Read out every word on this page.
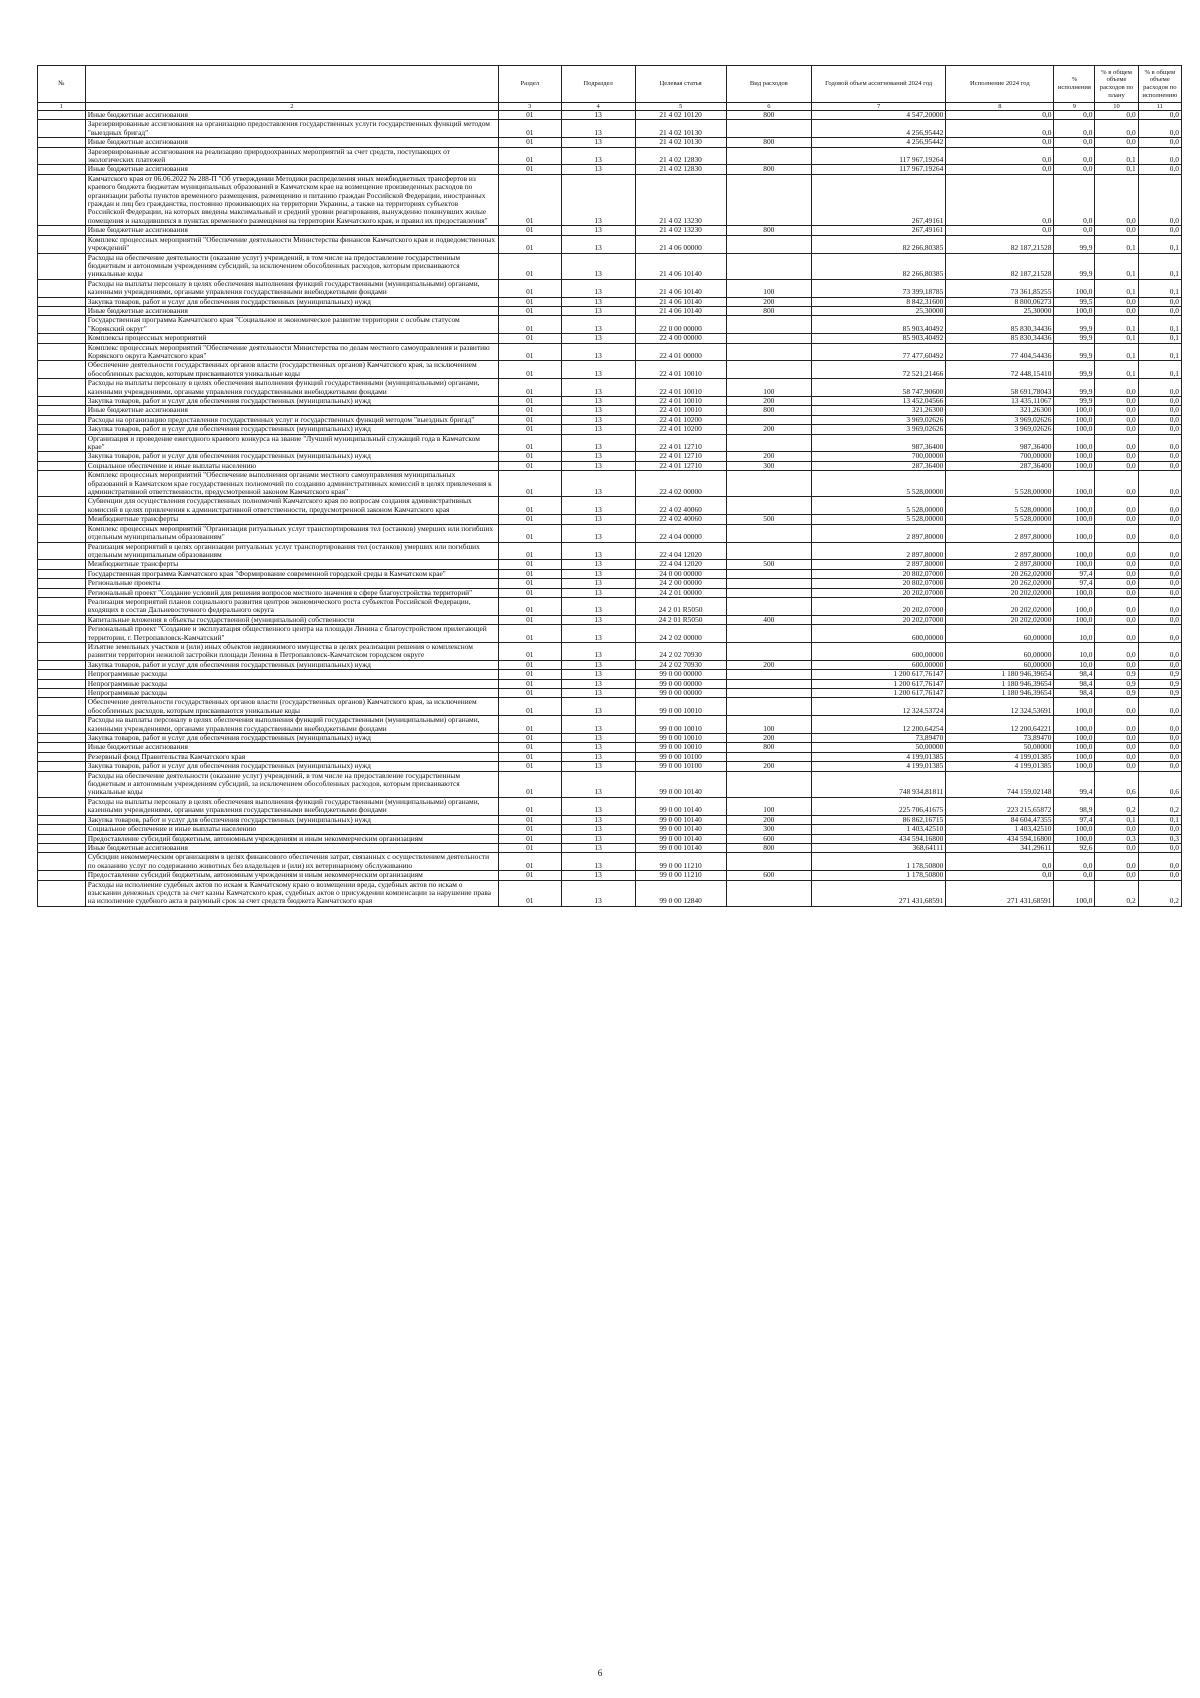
№		Раздел	Подраздел	Целевая статья	Вид расходов	Годовой объем ассигнований 2024 год	Исполнение 2024 год	% исполнения	% в общем объеме расходов по плану	% в общем объеме расходов по исполнению
1	2	3	4	5	6	7	8	9	10	11
	Иные бюджетные ассигнования	01	13	21 4 02 10120	800	4 547,20000	0,0	0,0	0,0	0,0
	Зарезервированные ассигнования на организацию предоставления государственных услуги государственных функций методом "выездных бригад"	01	13	21 4 02 10130		4 256,95442	0,0	0,0	0,0	0,0
	Иные бюджетные ассигнования	01	13	21 4 02 10130	800	4 256,95442	0,0	0,0	0,0	0,0
	Зарезервированные ассигнования на реализацию природоохранных мероприятий за счет средств, поступающих от экологических платежей	01	13	21 4 02 12830		117 967,19264	0,0	0,0	0,1	0,0
	Иные бюджетные ассигнования	01	13	21 4 02 12830	800	117 967,19264	0,0	0,0	0,1	0,0
	Камчатского края от 06.06.2022 № 288-П "Об утверждении Методики распределения иных межбюджетных трансфертов из краевого бюджета бюджетам муниципальных образований в Камчатском крае на возмещение произведенных расходов по организации работы пунктов временного размещения, размещению и питанию граждан Российской Федерации, иностранных граждан и лиц без гражданства, постоянно проживающих на территории Украины, а также на территориях субъектов Российской Федерации, на которых введены максимальный и средний уровни реагирования, вынужденно покинувших жилые помещения и находившихся в пунктах временного размещения на территории Камчатского края, и правил их предоставления"	01	13	21 4 02 13230		267,49161	0,0	0,0	0,0	0,0
	Иные бюджетные ассигнования	01	13	21 4 02 13230	800	267,49161	0,0	0,0	0,0	0,0
	Комплекс процессных мероприятий "Обеспечение деятельности Министерства финансов Камчатского края и подведомственных учреждений"	01	13	21 4 06 00000		82 266,80385	82 187,21528	99,9	0,1	0,1
	Расходы на обеспечение деятельности (оказание услуг) учреждений, в том числе на предоставление государственным бюджетным и автономным учреждениям субсидий, за исключением обособленных расходов, которым присваиваются уникальные коды	01	13	21 4 06 10140		82 266,80385	82 187,21528	99,9	0,1	0,1
	Расходы на выплаты персоналу в целях обеспечения выполнения функций государственными (муниципальными) органами, казенными учреждениями, органами управления государственными внебюджетными фондами	01	13	21 4 06 10140	100	73 399,18785	73 361,85255	100,0	0,1	0,1
	Закупка товаров, работ и услуг для обеспечения государственных (муниципальных) нужд	01	13	21 4 06 10140	200	8 842,31600	8 800,06273	99,5	0,0	0,0
	Иные бюджетные ассигнования	01	13	21 4 06 10140	800	25,30000	25,30000	100,0	0,0	0,0
	Государственная программа Камчатского края "Социальное и экономическое развитие территории с особым статусом "Корякский округ"	01	13	22 0 00 00000		85 903,40492	85 830,34436	99,9	0,1	0,1
	Комплексы процессных мероприятий	01	13	22 4 00 00000		85 903,40492	85 830,34436	99,9	0,1	0,1
	Комплекс процессных мероприятий "Обеспечение деятельности Министерства по делам местного самоуправления и развитию Корякского округа Камчатского края"	01	13	22 4 01 00000		77 477,60492	77 404,54436	99,9	0,1	0,1
	Обеспечение деятельности государственных органов власти (государственных органов) Камчатского края, за исключением обособленных расходов, которым присваиваются уникальные коды	01	13	22 4 01 10010		72 521,21466	72 448,15410	99,9	0,1	0,1
	Расходы на выплаты персоналу в целях обеспечения выполнения функций государственными (муниципальными) органами, казенными учреждениями, органами управления государственными внебюджетными фондами	01	13	22 4 01 10010	100	58 747,90600	58 691,78043	99,9	0,0	0,0
	Закупка товаров, работ и услуг для обеспечения государственных (муниципальных) нужд	01	13	22 4 01 10010	200	13 452,04566	13 435,11067	99,9	0,0	0,0
	Иные бюджетные ассигнования	01	13	22 4 01 10010	800	321,26300	321,26300	100,0	0,0	0,0
	Расходы на организацию предоставления государственных услуг и государственных функций методом "выездных бригад"	01	13	22 4 01 10200		3 969,02626	3 969,02626	100,0	0,0	0,0
	Закупка товаров, работ и услуг для обеспечения государственных (муниципальных) нужд	01	13	22 4 01 10200	200	3 969,02626	3 969,02626	100,0	0,0	0,0
	Организация и проведение ежегодного краевого конкурса на звание "Лучший муниципальный служащий года в Камчатском крае"	01	13	22 4 01 12710		987,36400	987,36400	100,0	0,0	0,0
	Закупка товаров, работ и услуг для обеспечения государственных (муниципальных) нужд	01	13	22 4 01 12710	200	700,00000	700,00000	100,0	0,0	0,0
	Социальное обеспечение и иные выплаты населению	01	13	22 4 01 12710	300	287,36400	287,36400	100,0	0,0	0,0
	Комплекс процессных мероприятий "Обеспечение выполнения органами местного самоуправления муниципальных образований в Камчатском крае государственных полномочий по созданию административных комиссий в целях привлечения к административной ответственности, предусмотренной законом Камчатского края"	01	13	22 4 02 00000		5 528,00000	5 528,00000	100,0	0,0	0,0
	Субвенции для осуществления государственных полномочий Камчатского края по вопросам создания административных комиссий в целях привлечения к административной ответственности, предусмотренной законом Камчатского края	01	13	22 4 02 40060		5 528,00000	5 528,00000	100,0	0,0	0,0
	Межбюджетные трансферты	01	13	22 4 02 40060	500	5 528,00000	5 528,00000	100,0	0,0	0,0
	Комплекс процессных мероприятий "Организация ритуальных услуг транспортирования тел (останков) умерших или погибших отдельным муниципальным образованиям"	01	13	22 4 04 00000		2 897,80000	2 897,80000	100,0	0,0	0,0
	Реализация мероприятий в целях организации ритуальных услуг транспортирования тел (останков) умерших или погибших отдельным муниципальным образованиям	01	13	22 4 04 12020		2 897,80000	2 897,80000	100,0	0,0	0,0
	Межбюджетные трансферты	01	13	22 4 04 12020	500	2 897,80000	2 897,80000	100,0	0,0	0,0
	Государственная программа Камчатского края "Формирование современной городской среды в Камчатском крае"	01	13	24 0 00 00000		20 802,07000	20 262,02000	97,4	0,0	0,0
	Региональные проекты	01	13	24 2 00 00000		20 802,07000	20 262,02000	97,4	0,0	0,0
	Региональный проект "Создание условий для решения вопросов местного значения в сфере благоустройства территорий"	01	13	24 2 01 00000		20 202,07000	20 202,02000	100,0	0,0	0,0
	Реализация мероприятий планов социального развития центров экономического роста субъектов Российской Федерации, входящих в состав Дальневосточного федерального округа	01	13	24 2 01 R5050		20 202,07000	20 202,02000	100,0	0,0	0,0
	Капитальные вложения в объекты государственной (муниципальной) собственности	01	13	24 2 01 R5050	400	20 202,07000	20 202,02000	100,0	0,0	0,0
	Региональный проект "Создание и эксплуатация общественного центра на площади Ленина с благоустройством прилегающей территории, г. Петропавловск-Камчатский"	01	13	24 2 02 00000		600,00000	60,00000	10,0	0,0	0,0
	Изъятие земельных участков и (или) иных объектов недвижимого имущества в целях реализации решения о комплексном развитии территории нежилой застройки площади Ленина в Петропавловск-Камчатском городском округе	01	13	24 2 02 70930		600,00000	60,00000	10,0	0,0	0,0
	Закупка товаров, работ и услуг для обеспечения государственных (муниципальных) нужд	01	13	24 2 02 70930	200	600,00000	60,00000	10,0	0,0	0,0
	Непрограммные расходы	01	13	99 0 00 00000		1 200 617,76147	1 180 946,39654	98,4	0,9	0,9
	Непрограммные расходы	01	13	99 0 00 00000		1 200 617,76147	1 180 946,39654	98,4	0,9	0,9
	Непрограммные расходы	01	13	99 0 00 00000		1 200 617,76147	1 180 946,39654	98,4	0,9	0,9
	Обеспечение деятельности государственных органов власти (государственных органов) Камчатского края, за исключением обособленных расходов, которым присваиваются уникальные коды	01	13	99 0 00 10010		12 324,53724	12 324,53691	100,0	0,0	0,0
	Расходы на выплаты персоналу в целях обеспечения выполнения функций государственными (муниципальными) органами, казенными учреждениями, органами управления государственными внебюджетными фондами	01	13	99 0 00 10010	100	12 200,64254	12 200,64221	100,0	0,0	0,0
	Закупка товаров, работ и услуг для обеспечения государственных (муниципальных) нужд	01	13	99 0 00 10010	200	73,89470	73,89470	100,0	0,0	0,0
	Иные бюджетные ассигнования	01	13	99 0 00 10010	800	50,00000	50,00000	100,0	0,0	0,0
	Резервный фонд Правительства Камчатского края	01	13	99 0 00 10100		4 199,01385	4 199,01385	100,0	0,0	0,0
	Закупка товаров, работ и услуг для обеспечения государственных (муниципальных) нужд	01	13	99 0 00 10100	200	4 199,01385	4 199,01385	100,0	0,0	0,0
	Расходы на обеспечение деятельности (оказание услуг) учреждений, в том числе на предоставление государственным бюджетным и автономным учреждениям субсидий, за исключением обособленных расходов, которым присваиваются уникальные коды	01	13	99 0 00 10140		748 934,81811	744 159,02148	99,4	0,6	0,6
	Расходы на выплаты персоналу в целях обеспечения выполнения функций государственными (муниципальными) органами, казенными учреждениями, органами управления государственными внебюджетными фондами	01	13	99 0 00 10140	100	225 706,41675	223 215,65872	98,9	0,2	0,2
	Закупка товаров, работ и услуг для обеспечения государственных (муниципальных) нужд	01	13	99 0 00 10140	200	86 862,16715	84 604,47355	97,4	0,1	0,1
	Социальное обеспечение и иные выплаты населению	01	13	99 0 00 10140	300	1 403,42510	1 403,42510	100,0	0,0	0,0
	Предоставление субсидий бюджетным, автономным учреждениям и иным некоммерческим организациям	01	13	99 0 00 10140	600	434 594,16800	434 594,16800	100,0	0,3	0,3
	Иные бюджетные ассигнования	01	13	99 0 00 10140	800	368,64111	341,29611	92,6	0,0	0,0
	Субсидии некоммерческим организациям в целях финансового обеспечения затрат, связанных с осуществлением деятельности по оказанию услуг по содержанию животных без владельцев и (или) их ветеринарному обслуживанию	01	13	99 0 00 11210		1 178,50800	0,0	0,0	0,0	0,0
	Предоставление субсидий бюджетным, автономным учреждениям и иным некоммерческим организациям	01	13	99 0 00 11210	600	1 178,50800	0,0	0,0	0,0	0,0
	Расходы на исполнение судебных актов по искам к Камчатскому краю о возмещении вреда, судебных актов по искам о взыскании денежных средств за счет казны Камчатского края, судебных актов о присуждении компенсации за нарушение права на исполнение судебного акта в разумный срок за счет средств бюджета Камчатского края	01	13	99 0 00 12840		271 431,68591	271 431,68591	100,0	0,2	0,2
6
